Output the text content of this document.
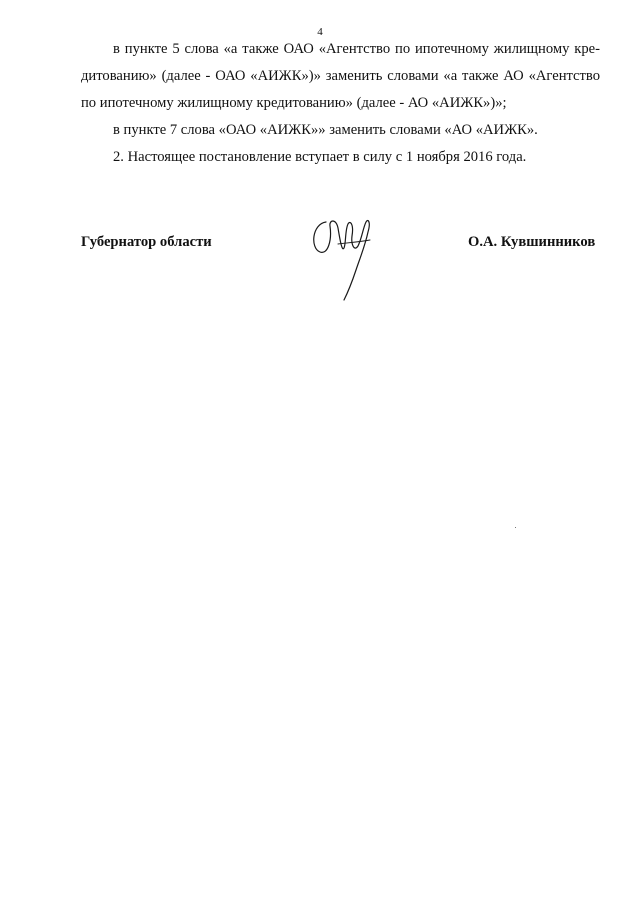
4
в пункте 5 слова «а также ОАО «Агентство по ипотечному жилищному кре-
дитованию» (далее - ОАО «АИЖК»)» заменить словами «а также АО «Агентство
по ипотечному жилищному кредитованию» (далее - АО «АИЖК»)»;
в пункте 7 слова «ОАО «АИЖК»» заменить словами «АО «АИЖК».
2. Настоящее постановление вступает в силу с 1 ноября 2016 года.
Губернатор области	О.А. Кувшинников
